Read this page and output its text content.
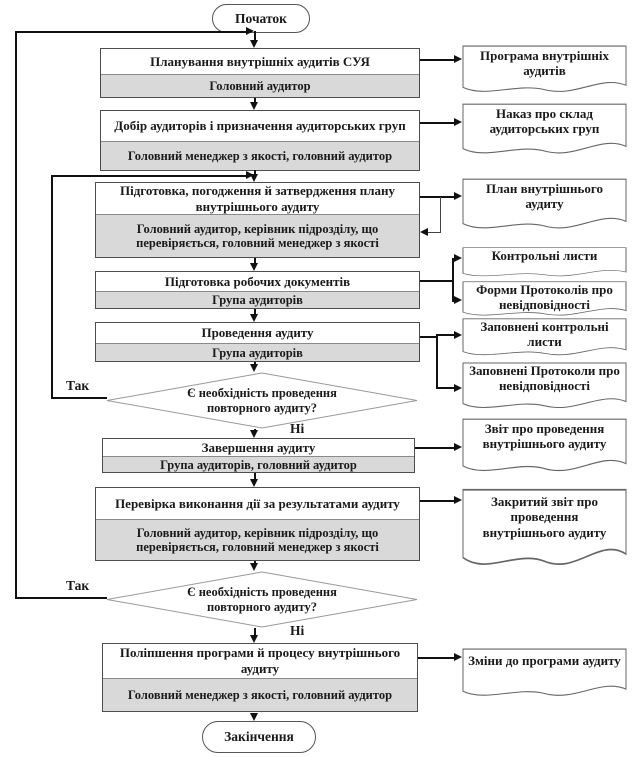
Початок
Закінчення
Планування внутрішніх аудитів СУЯ
Головний аудитор
Добір аудиторів і призначення аудиторських груп
Головний менеджер з якості, головний аудитор
Підготовка, погодження й затвердження плану внутрішнього аудиту
Головний аудитор, керівник підрозділу, що перевіряється, головний менеджер з якості
Підготовка робочих документів
Група аудиторів
Проведення аудиту
Група аудиторів
Завершення аудиту
Група аудиторів, головний аудитор
Перевірка виконання дії за результатами аудиту
Головний аудитор, керівник підрозділу, що перевіряється, головний менеджер з якості
Поліпшення програми й процесу внутрішнього аудиту
Головний менеджер з якості, головний аудитор
Є необхідність проведення повторного аудиту?
Є необхідність проведення повторного аудиту?
Програма внутрішніх аудитів
Наказ про склад аудиторських груп
План внутрішнього аудиту
Контрольні листи
Форми Протоколів про невідповідності
Заповнені контрольні листи
Заповнені Протоколи про невідповідності
Звіт про проведення внутрішнього аудиту
Закритий звіт про проведення внутрішнього аудиту
Зміни до програми аудиту
Так
Так
Ні
Ні
